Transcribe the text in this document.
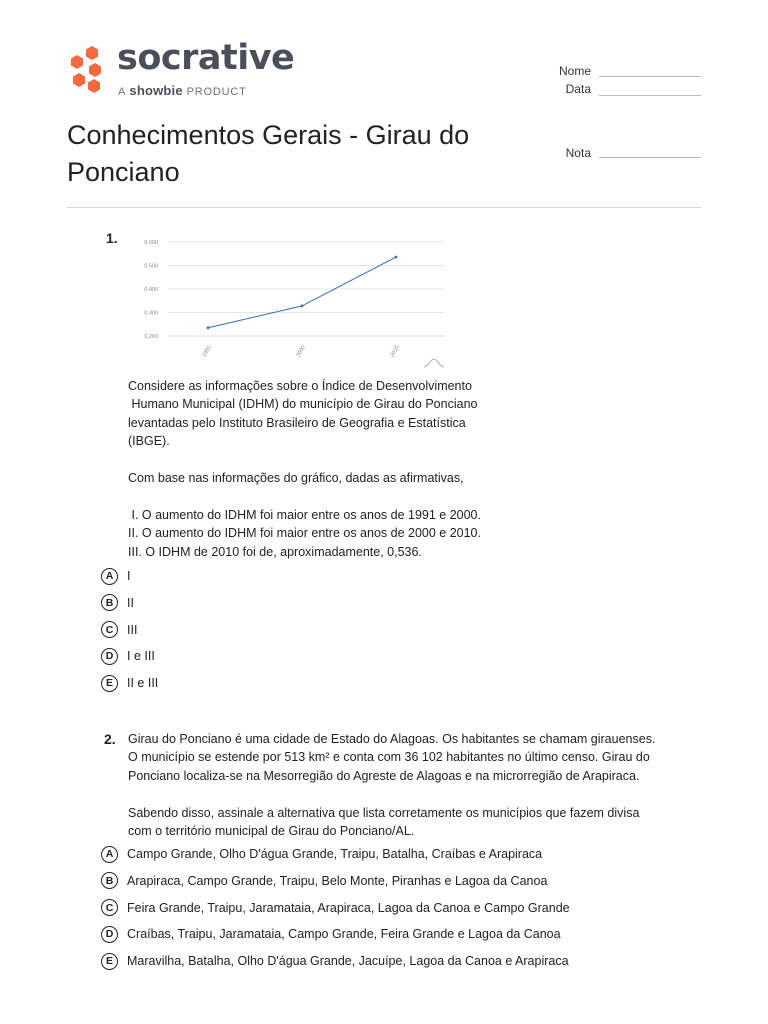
socrative
A showbie PRODUCT
Nome
Data
Nota
Conhecimentos Gerais - Girau do Ponciano
1.	0,600
0,500
0,400
0,300
0,200
1991	2000	2010
Considere as informações sobre o Índice de Desenvolvimento
Humano Municipal (IDHM) do município de Girau do Ponciano
levantadas pelo Instituto Brasileiro de Geografia e Estatística
(IBGE).

Com base nas informações do gráfico, dadas as afirmativas,

I. O aumento do IDHM foi maior entre os anos de 1991 e 2000.
II. O aumento do IDHM foi maior entre os anos de 2000 e 2010.
III. O IDHM de 2010 foi de, aproximadamente, 0,536.
A	I
B	II
C	III
D	I e III
E	II e III
2. Girau do Ponciano é uma cidade de Estado do Alagoas. Os habitantes se chamam girauenses.
O município se estende por 513 km² e conta com 36 102 habitantes no último censo. Girau do
Ponciano localiza-se na Mesorregião do Agreste de Alagoas e na microrregião de Arapiraca.

Sabendo disso, assinale a alternativa que lista corretamente os municípios que fazem divisa
com o território municipal de Girau do Ponciano/AL.
A	Campo Grande, Olho D'água Grande, Traipu, Batalha, Craíbas e Arapiraca
B	Arapiraca, Campo Grande, Traipu, Belo Monte, Piranhas e Lagoa da Canoa
C	Feira Grande, Traipu, Jaramataia, Arapiraca, Lagoa da Canoa e Campo Grande
D	Craíbas, Traipu, Jaramataia, Campo Grande, Feira Grande e Lagoa da Canoa
E	Maravilha, Batalha, Olho D'água Grande, Jacuípe, Lagoa da Canoa e Arapiraca
